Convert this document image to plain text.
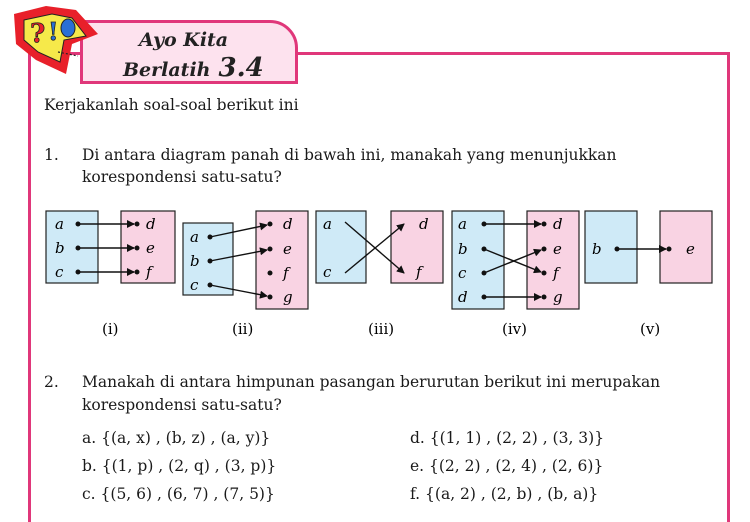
Ayo Kita
Berlatih 3.4
? !
Kerjakanlah soal-soal berikut ini
1. Di antara diagram panah di bawah ini, manakah yang menunjukkan
korespondensi satu-satu?
a
b
c
d
e
f
(i)
a
b
c
d
e
f
g
(ii)
a
c
d
f
(iii)
a
b
c
d
d
e
f
g
(iv)
b	e
(v)
2. Manakah di antara himpunan pasangan berurutan berikut ini merupakan
korespondensi satu-satu?
a. {(a, x) , (b, z) , (a, y)}
b. {(1, p) , (2, q) , (3, p)}
c. {(5, 6) , (6, 7) , (7, 5)}
d. {(1, 1) , (2, 2) , (3, 3)}
e. {(2, 2) , (2, 4) , (2, 6)}
f. {(a, 2) , (2, b) , (b, a)}
